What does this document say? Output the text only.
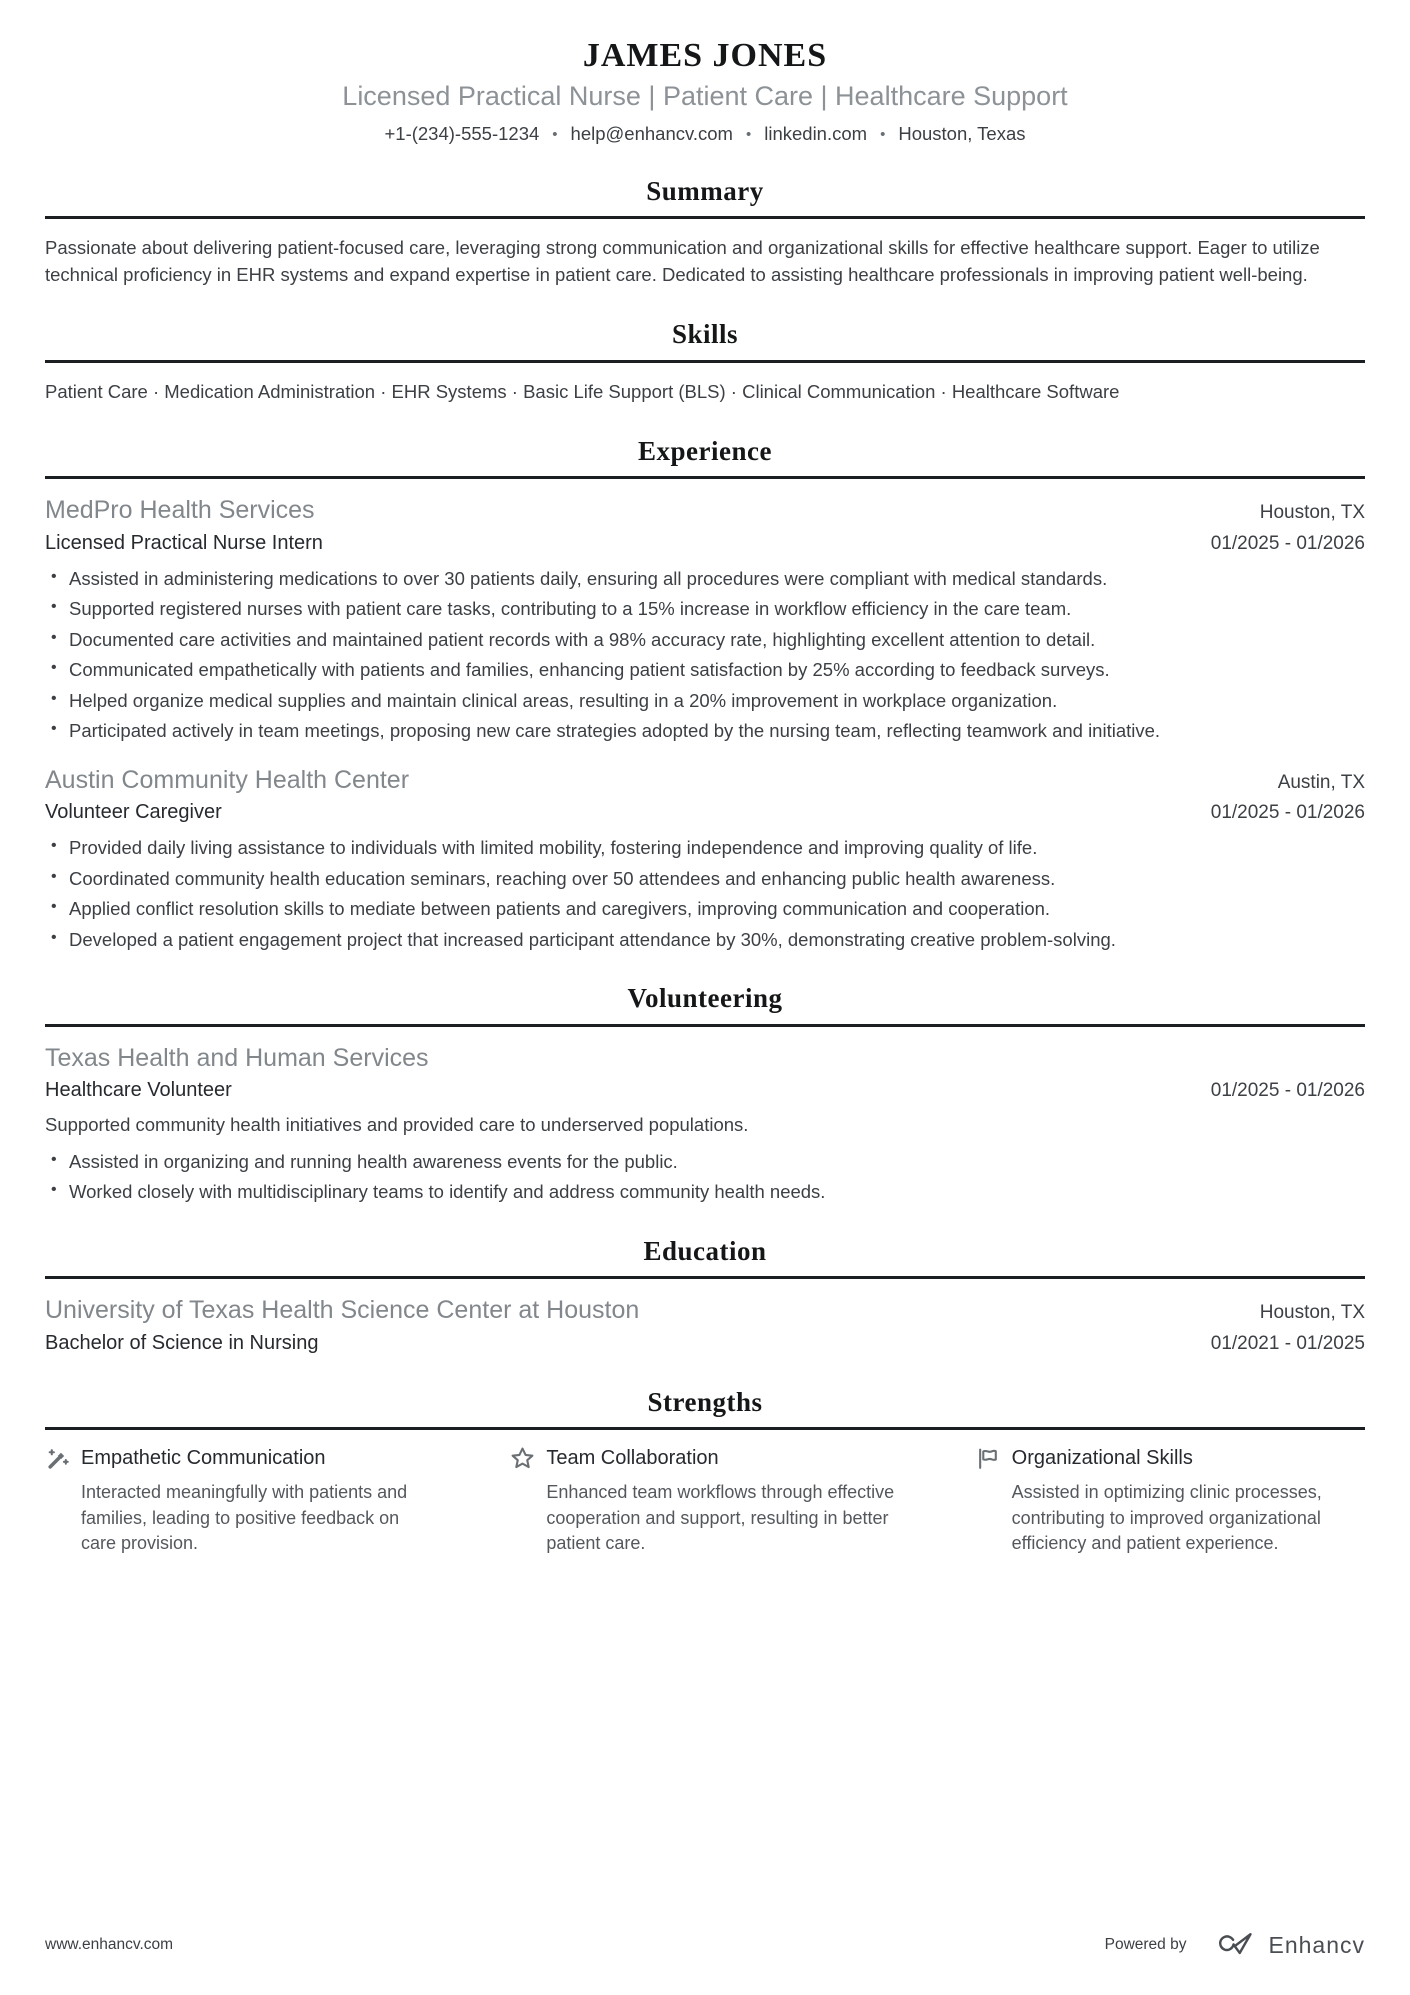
JAMES JONES
Licensed Practical Nurse | Patient Care | Healthcare Support
+1-(234)-555-1234	• help@enhancv.com	• linkedin.com	• Houston, Texas
Summary

Passionate about delivering patient-focused care, leveraging strong communication and organizational skills for effective healthcare support. Eager to utilize technical proficiency in EHR systems and expand expertise in patient care. Dedicated to assisting healthcare professionals in improving patient well-being.

Skills

Patient Care · Medication Administration · EHR Systems · Basic Life Support (BLS) · Clinical Communication · Healthcare Software

Experience
MedPro Health Services	Houston, TX
Licensed Practical Nurse Intern	01/2025 - 01/2026
• Assisted in administering medications to over 30 patients daily, ensuring all procedures were compliant with medical standards.
• Supported registered nurses with patient care tasks, contributing to a 15% increase in workflow efficiency in the care team.
• Documented care activities and maintained patient records with a 98% accuracy rate, highlighting excellent attention to detail.
• Communicated empathetically with patients and families, enhancing patient satisfaction by 25% according to feedback surveys.
• Helped organize medical supplies and maintain clinical areas, resulting in a 20% improvement in workplace organization.
• Participated actively in team meetings, proposing new care strategies adopted by the nursing team, reflecting teamwork and initiative.
Austin Community Health Center	Austin, TX
Volunteer Caregiver	01/2025 - 01/2026
• Provided daily living assistance to individuals with limited mobility, fostering independence and improving quality of life.
• Coordinated community health education seminars, reaching over 50 attendees and enhancing public health awareness.
• Applied conflict resolution skills to mediate between patients and caregivers, improving communication and cooperation.
• Developed a patient engagement project that increased participant attendance by 30%, demonstrating creative problem-solving.
Volunteering
Texas Health and Human Services
Healthcare Volunteer	01/2025 - 01/2026

Supported community health initiatives and provided care to underserved populations.

• Assisted in organizing and running health awareness events for the public.
• Worked closely with multidisciplinary teams to identify and address community health needs.
Education
University of Texas Health Science Center at Houston	Houston, TX
Bachelor of Science in Nursing	01/2021 - 01/2025
Strengths
Empathetic Communication

Interacted meaningfully with patients and families, leading to positive feedback on care provision.

Team Collaboration

Enhanced team workflows through effective cooperation and support, resulting in better patient care.

Organizational Skills

Assisted in optimizing clinic processes, contributing to improved organizational efficiency and patient experience.

www.enhancv.com	Powered by	Enhancv
